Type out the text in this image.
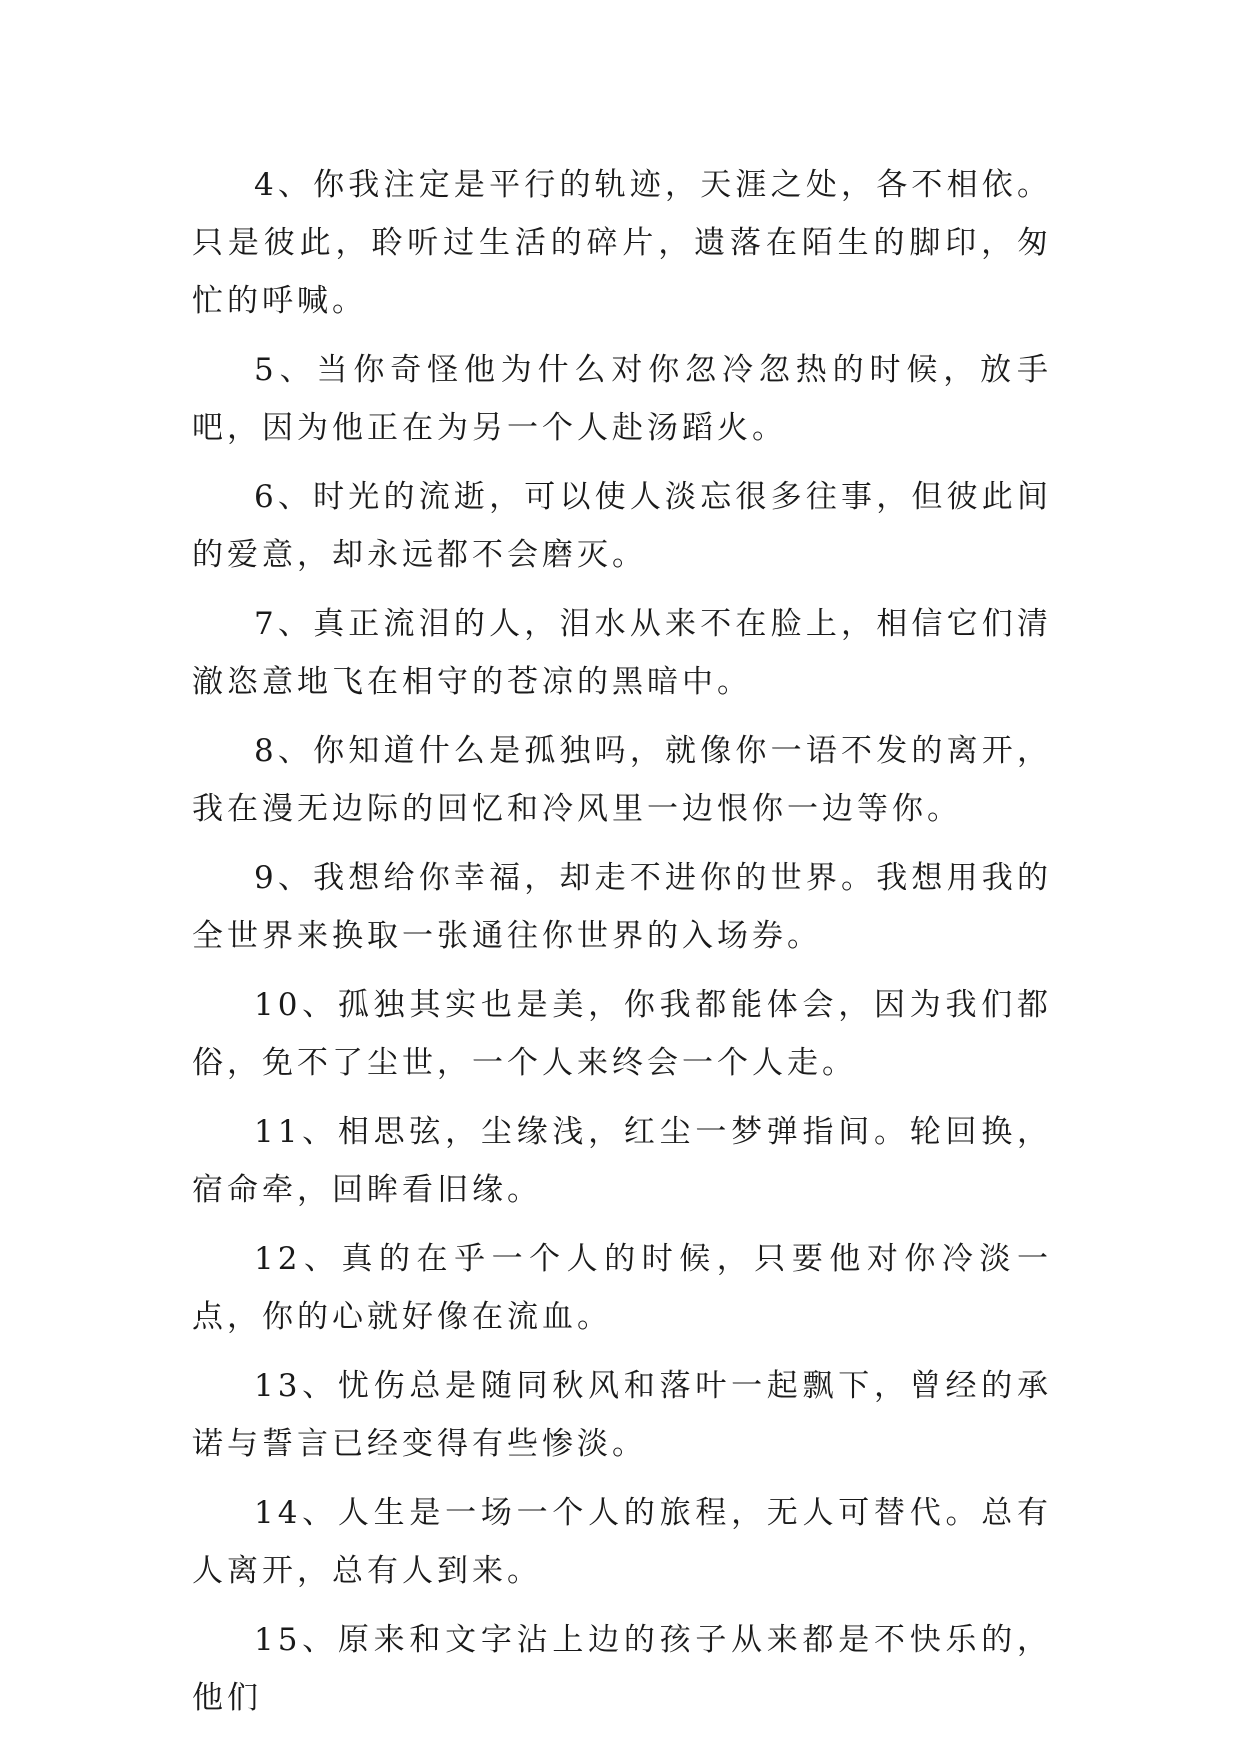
4、你我注定是平行的轨迹，天涯之处，各不相依。只是彼此，聆听过生活的碎片，遗落在陌生的脚印，匆忙的呼喊。

5、当你奇怪他为什么对你忽冷忽热的时候，放手吧，因为他正在为另一个人赴汤蹈火。

6、时光的流逝，可以使人淡忘很多往事，但彼此间的爱意，却永远都不会磨灭。

7、真正流泪的人，泪水从来不在脸上，相信它们清澈恣意地飞在相守的苍凉的黑暗中。

8、你知道什么是孤独吗，就像你一语不发的离开，我在漫无边际的回忆和冷风里一边恨你一边等你。

9、我想给你幸福，却走不进你的世界。我想用我的全世界来换取一张通往你世界的入场券。

10、孤独其实也是美，你我都能体会，因为我们都俗，免不了尘世，一个人来终会一个人走。

11、相思弦，尘缘浅，红尘一梦弹指间。轮回换，宿命牵，回眸看旧缘。

12、真的在乎一个人的时候，只要他对你冷淡一点，你的心就好像在流血。

13、忧伤总是随同秋风和落叶一起飘下，曾经的承诺与誓言已经变得有些惨淡。

14、人生是一场一个人的旅程，无人可替代。总有人离开，总有人到来。

15、原来和文字沾上边的孩子从来都是不快乐的，他们
